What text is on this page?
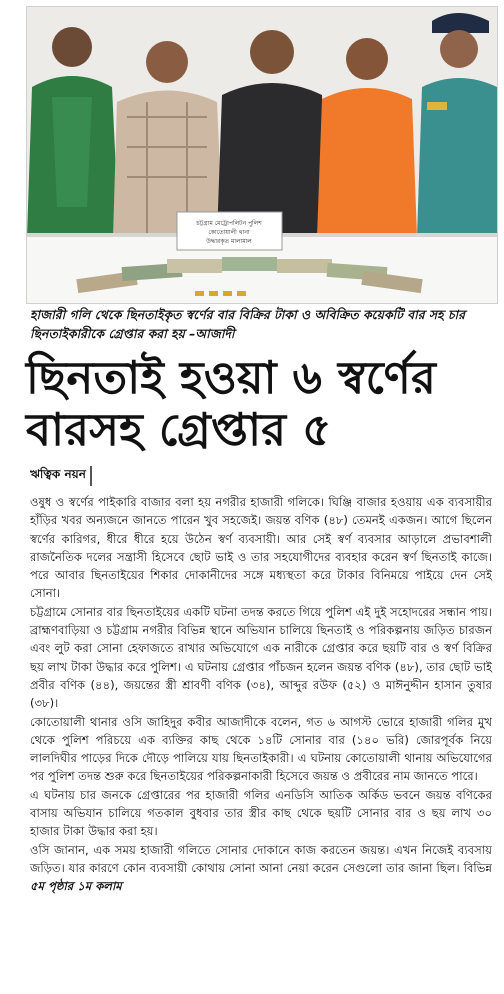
চট্টগ্রাম মেট্রোপলিটন পুলিশ
কোতোয়ালী থানা
উদ্ধারকৃত মালামাল

হাজারী গলি থেকে ছিনতাইকৃত স্বর্ণের বার বিক্রির টাকা ও অবিক্রিত কয়েকটি বার সহ চার ছিনতাইকারীকে গ্রেপ্তার করা হয় –আজাদী

ছিনতাই হওয়া ৬ স্বর্ণের
বারসহ গ্রেপ্তার ৫
ঋত্বিক নয়ন

ওষুধ ও স্বর্ণের পাইকারি বাজার বলা হয় নগরীর হাজারী গলিকে। ঘিঞ্জি বাজার হওয়ায় এক ব্যবসায়ীর হাঁড়ির খবর অন্যজনে জানতে পারেন খুব সহজেই। জয়ন্ত বণিক (৪৮) তেমনই একজন। আগে ছিলেন স্বর্ণের কারিগর, ধীরে ধীরে হয়ে উঠেন স্বর্ণ ব্যবসায়ী। আর সেই স্বর্ণ ব্যবসার আড়ালে প্রভাবশালী রাজনৈতিক দলের সন্ত্রাসী হিসেবে ছোট ভাই ও তার সহযোগীদের ব্যবহার করেন স্বর্ণ ছিনতাই কাজে। পরে আবার ছিনতাইয়ের শিকার দোকানীদের সঙ্গে মধ্যস্থতা করে টাকার বিনিময়ে পাইয়ে দেন সেই সোনা।

চট্টগ্রামে সোনার বার ছিনতাইয়ের একটি ঘটনা তদন্ত করতে গিয়ে পুলিশ এই দুই সহোদরের সন্ধান পায়। ব্রাহ্মণবাড়িয়া ও চট্টগ্রাম নগরীর বিভিন্ন স্থানে অভিযান চালিয়ে ছিনতাই ও পরিকল্পনায় জড়িত চারজন এবং লুট করা সোনা হেফাজতে রাখার অভিযোগে এক নারীকে গ্রেপ্তার করে ছয়টি বার ও স্বর্ণ বিক্রির ছয় লাখ টাকা উদ্ধার করে পুলিশ। এ ঘটনায় গ্রেপ্তার পাঁচজন হলেন জয়ন্ত বণিক (৪৮), তার ছোট ভাই প্রবীর বণিক (৪৪), জয়ন্তের স্ত্রী শ্রাবণী বণিক (৩৪), আব্দুর রউফ (৫২) ও মাঈনুদ্দীন হাসান তুষার (৩৮)।

কোতোয়ালী থানার ওসি জাহিদুর কবীর আজাদীকে বলেন, গত ৬ আগস্ট ভোরে হাজারী গলির মুখ থেকে পুলিশ পরিচয়ে এক ব্যক্তির কাছ থেকে ১৪টি সোনার বার (১৪০ ভরি) জোরপূর্বক নিয়ে লালদিঘীর পাড়ের দিকে দৌড়ে পালিয়ে যায় ছিনতাইকারী। এ ঘটনায় কোতোয়ালী থানায় অভিযোগের পর পুলিশ তদন্ত শুরু করে ছিনতাইয়ের পরিকল্পনাকারী হিসেবে জয়ন্ত ও প্রবীরের নাম জানতে পারে।

এ ঘটনায় চার জনকে গ্রেপ্তারের পর হাজারী গলির এনডিসি আতিক অর্কিড ভবনে জয়ন্ত বণিকের বাসায় অভিযান চালিয়ে গতকাল বুধবার তার স্ত্রীর কাছ থেকে ছয়টি সোনার বার ও ছয় লাখ ৩০ হাজার টাকা উদ্ধার করা হয়।

ওসি জানান, এক সময় হাজারী গলিতে সোনার দোকানে কাজ করতেন জয়ন্ত। এখন নিজেই ব্যবসায় জড়িত। যার কারণে কোন ব্যবসায়ী কোথায় সোনা আনা নেয়া করেন সেগুলো তার জানা ছিল। বিভিন্ন ৫ম পৃষ্ঠার ১ম কলাম
